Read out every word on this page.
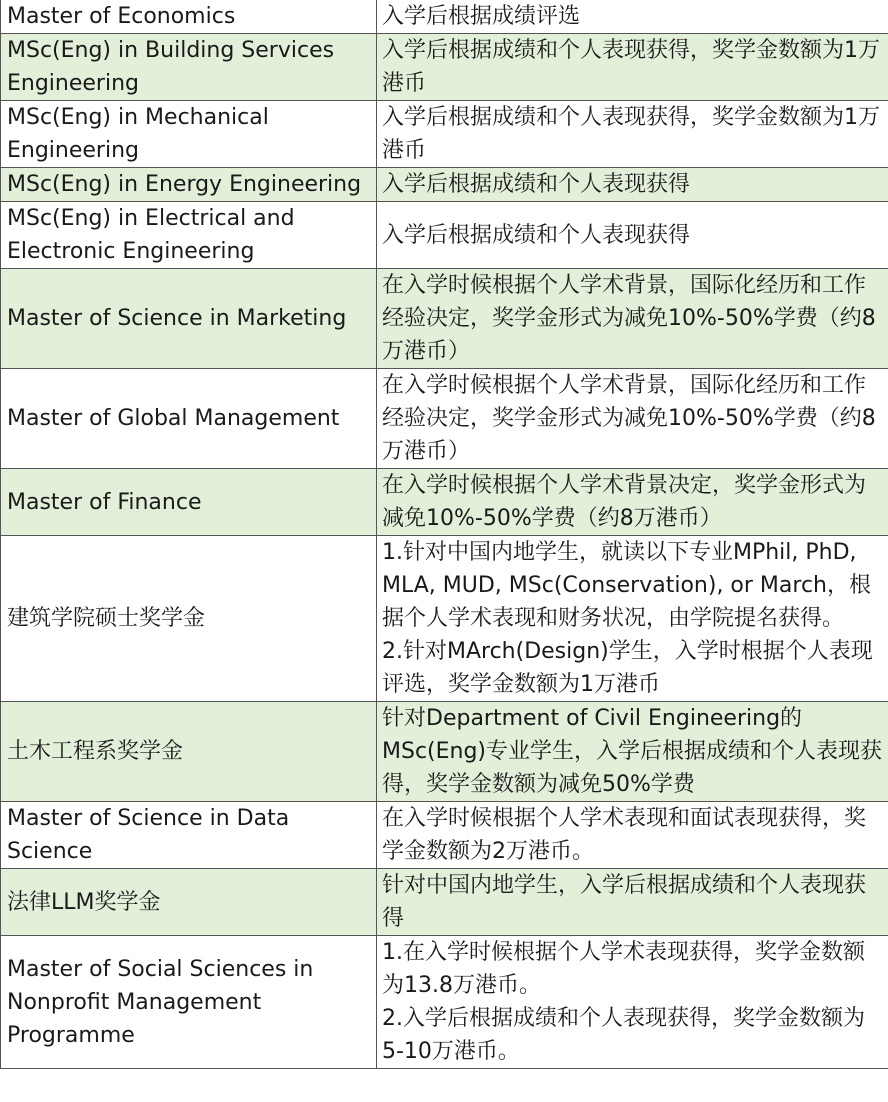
Master of Economics	入学后根据成绩评选

MSc(Eng) in Building Services Engineering	入学后根据成绩和个人表现获得，奖学金数额为1万港币

MSc(Eng) in Mechanical Engineering	入学后根据成绩和个人表现获得，奖学金数额为1万港币

MSc(Eng) in Energy Engineering	入学后根据成绩和个人表现获得

MSc(Eng) in Electrical and Electronic Engineering	入学后根据成绩和个人表现获得

Master of Science in Marketing	在入学时候根据个人学术背景，国际化经历和工作经验决定，奖学金形式为减免10%-50%学费（约8万港币）

Master of Global Management	在入学时候根据个人学术背景，国际化经历和工作经验决定，奖学金形式为减免10%-50%学费（约8万港币）

Master of Finance	在入学时候根据个人学术背景决定，奖学金形式为减免10%-50%学费（约8万港币）

建筑学院硕士奖学金	1.针对中国内地学生，就读以下专业MPhil, PhD, MLA, MUD, MSc(Conservation), or March，根据个人学术表现和财务状况，由学院提名获得。
2.针对MArch(Design)学生，入学时根据个人表现评选，奖学金数额为1万港币

土木工程系奖学金	针对Department of Civil Engineering的MSc(Eng)专业学生，入学后根据成绩和个人表现获得，奖学金数额为减免50%学费

Master of Science in Data Science	在入学时候根据个人学术表现和面试表现获得，奖学金数额为2万港币。

法律LLM奖学金	针对中国内地学生，入学后根据成绩和个人表现获得

Master of Social Sciences in Nonprofit Management Programme	1.在入学时候根据个人学术表现获得，奖学金数额为13.8万港币。
2.入学后根据成绩和个人表现获得，奖学金数额为5-10万港币。
